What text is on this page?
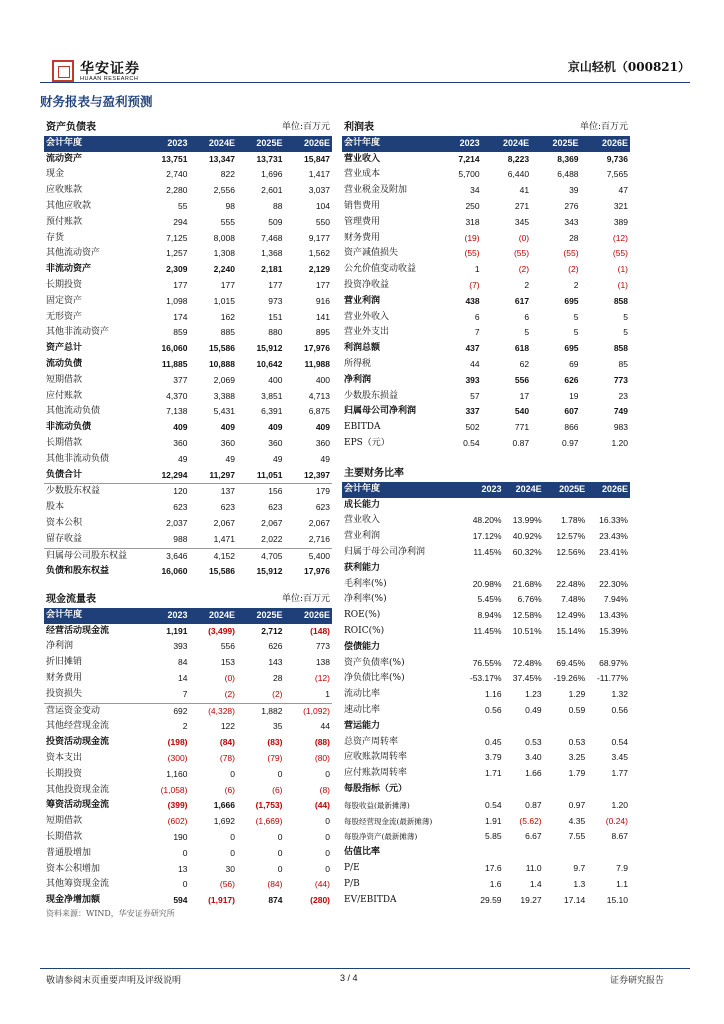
华安证券
HUAAN RESEARCH
京山轻机（000821）
财务报表与盈利预测
资产负债表			单位:百万元	
会计年度	2023	2024E	2025E	2026E
流动资产	13,751	13,347	13,731	15,847
现金	2,740	822	1,696	1,417
应收账款	2,280	2,556	2,601	3,037
其他应收款	55	98	88	104
预付账款	294	555	509	550
存货	7,125	8,008	7,468	9,177
其他流动资产	1,257	1,308	1,368	1,562
非流动资产	2,309	2,240	2,181	2,129
长期投资	177	177	177	177
固定资产	1,098	1,015	973	916
无形资产	174	162	151	141
其他非流动资产	859	885	880	895
资产总计	16,060	15,586	15,912	17,976
流动负债	11,885	10,888	10,642	11,988
短期借款	377	2,069	400	400
应付账款	4,370	3,388	3,851	4,713
其他流动负债	7,138	5,431	6,391	6,875
非流动负债	409	409	409	409
长期借款	360	360	360	360
其他非流动负债	49	49	49	49
负债合计	12,294	11,297	11,051	12,397
少数股东权益	120	137	156	179
股本	623	623	623	623
资本公积	2,037	2,067	2,067	2,067
留存收益	988	1,471	2,022	2,716
归属母公司股东权益	3,646	4,152	4,705	5,400
负债和股东权益	16,060	15,586	15,912	17,976
现金流量表			单位:百万元	
会计年度	2023	2024E	2025E	2026E
经营活动现金流	1,191	(3,499)	2,712	(148)
净利润	393	556	626	773
折旧摊销	84	153	143	138
财务费用	14	(0)	28	(12)
投资损失	7	(2)	(2)	1
营运资金变动	692	(4,328)	1,882	(1,092)
其他经营现金流	2	122	35	44
投资活动现金流	(198)	(84)	(83)	(88)
资本支出	(300)	(78)	(79)	(80)
长期投资	1,160	0	0	0
其他投资现金流	(1,058)	(6)	(6)	(8)
筹资活动现金流	(399)	1,666	(1,753)	(44)
短期借款	(602)	1,692	(1,669)	0
长期借款	190	0	0	0
普通股增加	0	0	0	0
资本公积增加	13	30	0	0
其他筹资现金流	0	(56)	(84)	(44)
现金净增加额	594	(1,917)	874	(280)
利润表			单位:百万元	
会计年度	2023	2024E	2025E	2026E
营业收入	7,214	8,223	8,369	9,736
营业成本	5,700	6,440	6,488	7,565
营业税金及附加	34	41	39	47
销售费用	250	271	276	321
管理费用	318	345	343	389
财务费用	(19)	(0)	28	(12)
资产减值损失	(55)	(55)	(55)	(55)
公允价值变动收益	1	(2)	(2)	(1)
投资净收益	(7)	2	2	(1)
营业利润	438	617	695	858
营业外收入	6	6	5	5
营业外支出	7	5	5	5
利润总额	437	618	695	858
所得税	44	62	69	85
净利润	393	556	626	773
少数股东损益	57	17	19	23
归属母公司净利润	337	540	607	749
EBITDA	502	771	866	983
EPS（元）	0.54	0.87	0.97	1.20
主要财务比率				
会计年度	2023	2024E	2025E	2026E
成长能力				
营业收入	48.20%	13.99%	1.78%	16.33%
营业利润	17.12%	40.92%	12.57%	23.43%
归属于母公司净利润	11.45%	60.32%	12.56%	23.41%
获利能力				
毛利率(%)	20.98%	21.68%	22.48%	22.30%
净利率(%)	5.45%	6.76%	7.48%	7.94%
ROE(%)	8.94%	12.58%	12.49%	13.43%
ROIC(%)	11.45%	10.51%	15.14%	15.39%
偿债能力				
资产负债率(%)	76.55%	72.48%	69.45%	68.97%
净负债比率(%)	-53.17%	37.45%	-19.26%	-11.77%
流动比率	1.16	1.23	1.29	1.32
速动比率	0.56	0.49	0.59	0.56
营运能力				
总资产周转率	0.45	0.53	0.53	0.54
应收账款周转率	3.79	3.40	3.25	3.45
应付账款周转率	1.71	1.66	1.79	1.77
每股指标（元）				
每股收益(最新摊薄)	0.54	0.87	0.97	1.20
每股经营现金流(最新摊薄)	1.91	(5.62)	4.35	(0.24)
每股净资产(最新摊薄)	5.85	6.67	7.55	8.67
估值比率				
P/E	17.6	11.0	9.7	7.9
P/B	1.6	1.4	1.3	1.1
EV/EBITDA	29.59	19.27	17.14	15.10
资料来源：WIND，华安证券研究所
敬请参阅末页重要声明及评级说明	3 / 4	证券研究报告
